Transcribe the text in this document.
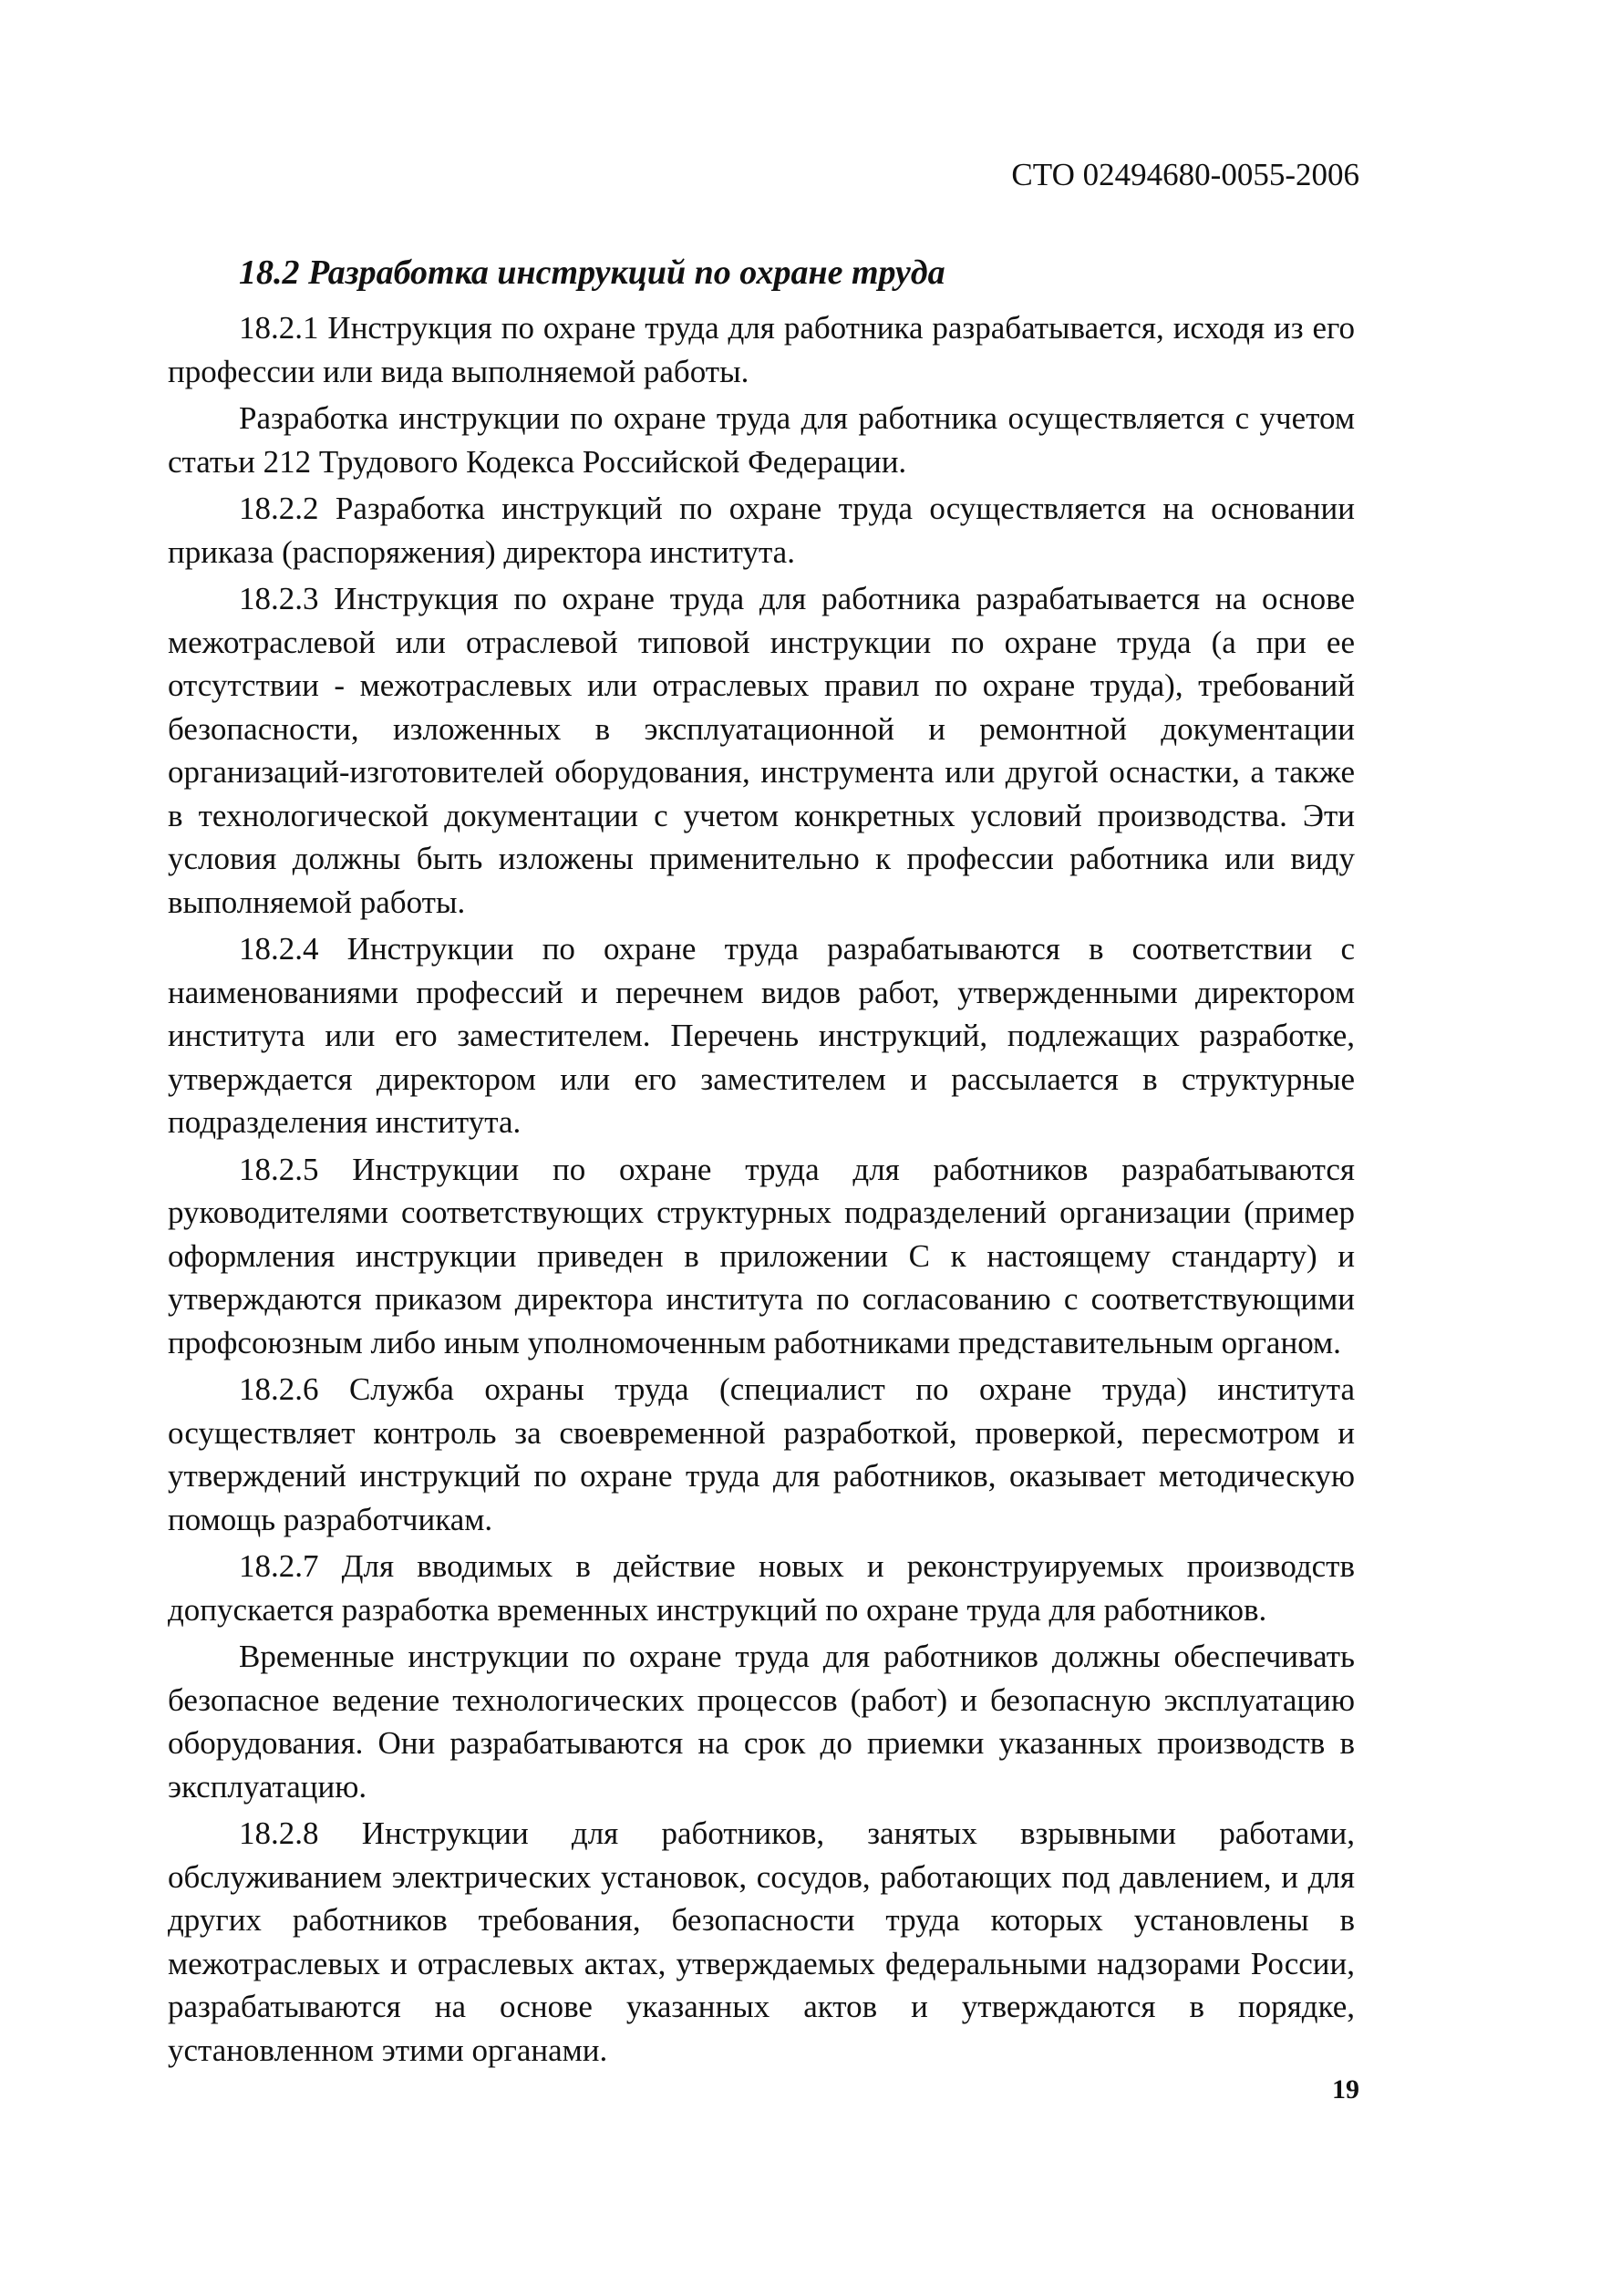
СТО 02494680-0055-2006
18.2 Разработка инструкций по охране труда

18.2.1 Инструкция по охране труда для работника разрабатывается, исходя из его профессии или вида выполняемой работы.

Разработка инструкции по охране труда для работника осуществляется с учетом статьи 212 Трудового Кодекса Российской Федерации.

18.2.2 Разработка инструкций по охране труда осуществляется на основании приказа (распоряжения) директора института.

18.2.3 Инструкция по охране труда для работника разрабатывается на основе межотраслевой или отраслевой типовой инструкции по охране труда (а при ее отсутствии - межотраслевых или отраслевых правил по охране труда), требований безопасности, изложенных в эксплуатационной и ремонтной документации организаций-изготовителей оборудования, инструмента или другой оснастки, а также в технологической документации с учетом конкретных условий производства. Эти условия должны быть изложены применительно к профессии работника или виду выполняемой работы.

18.2.4 Инструкции по охране труда разрабатываются в соответствии с наименованиями профессий и перечнем видов работ, утвержденными директором института или его заместителем. Перечень инструкций, подлежащих разработке, утверждается директором или его заместителем и рассылается в структурные подразделения института.

18.2.5 Инструкции по охране труда для работников разрабатываются руководителями соответствующих структурных подразделений организации (пример оформления инструкции приведен в приложении С к настоящему стандарту) и утверждаются приказом директора института по согласованию с соответствующими профсоюзным либо иным уполномоченным работниками представительным органом.

18.2.6 Служба охраны труда (специалист по охране труда) института осуществляет контроль за своевременной разработкой, проверкой, пересмотром и утверждений инструкций по охране труда для работников, оказывает методическую помощь разработчикам.

18.2.7 Для вводимых в действие новых и реконструируемых производств допускается разработка временных инструкций по охране труда для работников.

Временные инструкции по охране труда для работников должны обеспечивать безопасное ведение технологических процессов (работ) и безопасную эксплуатацию оборудования. Они разрабатываются на срок до приемки указанных производств в эксплуатацию.

18.2.8 Инструкции для работников, занятых взрывными работами, обслуживанием электрических установок, сосудов, работающих под давлением, и для других работников требования, безопасности труда которых установлены в межотраслевых и отраслевых актах, утверждаемых федеральными надзорами России, разрабатываются на основе указанных актов и утверждаются в порядке, установленном этими органами.

19
